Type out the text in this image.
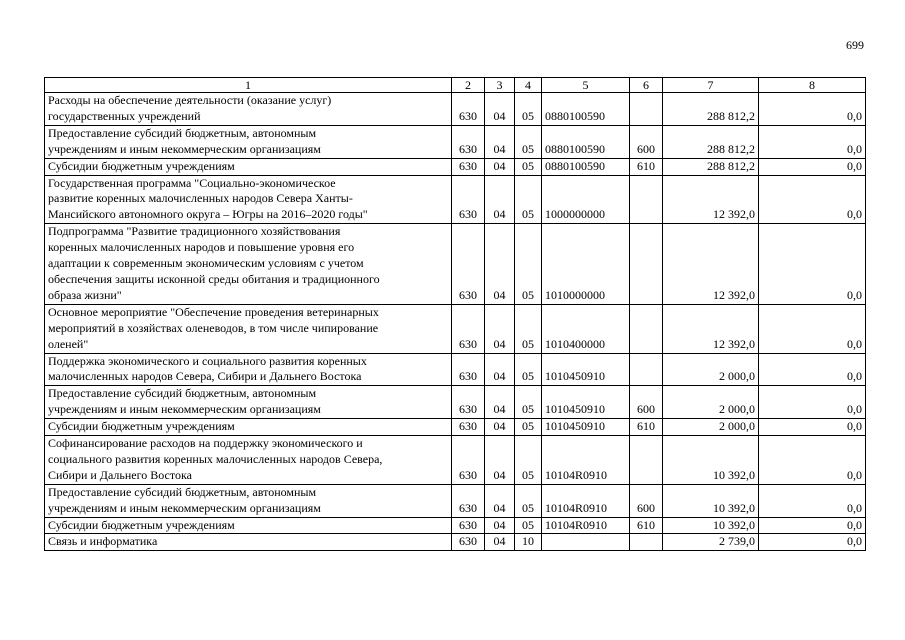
699
1	2	3	4	5	6	7	8

Расходы на обеспечение деятельности (оказание услуг)
государственных учреждений	630	04	05	0880100590		288 812,2	0,0

Предоставление субсидий бюджетным, автономным
учреждениям и иным некоммерческим организациям	630	04	05	0880100590	600	288 812,2	0,0

Субсидии бюджетным учреждениям	630	04	05	0880100590	610	288 812,2	0,0

Государственная программа "Социально-экономическое
развитие коренных малочисленных народов Севера Ханты-
Мансийского автономного округа – Югры на 2016–2020 годы"	630	04	05	1000000000		12 392,0	0,0

Подпрограмма "Развитие традиционного хозяйствования
коренных малочисленных народов и повышение уровня его
адаптации к современным экономическим условиям с учетом
обеспечения защиты исконной среды обитания и традиционного
образа жизни"	630	04	05	1010000000		12 392,0	0,0

Основное мероприятие "Обеспечение проведения ветеринарных
мероприятий в хозяйствах оленеводов, в том числе чипирование
оленей"	630	04	05	1010400000		12 392,0	0,0

Поддержка экономического и социального развития коренных
малочисленных народов Севера, Сибири и Дальнего Востока	630	04	05	1010450910		2 000,0	0,0

Предоставление субсидий бюджетным, автономным
учреждениям и иным некоммерческим организациям	630	04	05	1010450910	600	2 000,0	0,0

Субсидии бюджетным учреждениям	630	04	05	1010450910	610	2 000,0	0,0

Софинансирование расходов на поддержку экономического и
социального развития коренных малочисленных народов Севера,
Сибири и Дальнего Востока	630	04	05	10104R0910		10 392,0	0,0

Предоставление субсидий бюджетным, автономным
учреждениям и иным некоммерческим организациям	630	04	05	10104R0910	600	10 392,0	0,0

Субсидии бюджетным учреждениям	630	04	05	10104R0910	610	10 392,0	0,0

Связь и информатика	630	04	10			2 739,0	0,0
